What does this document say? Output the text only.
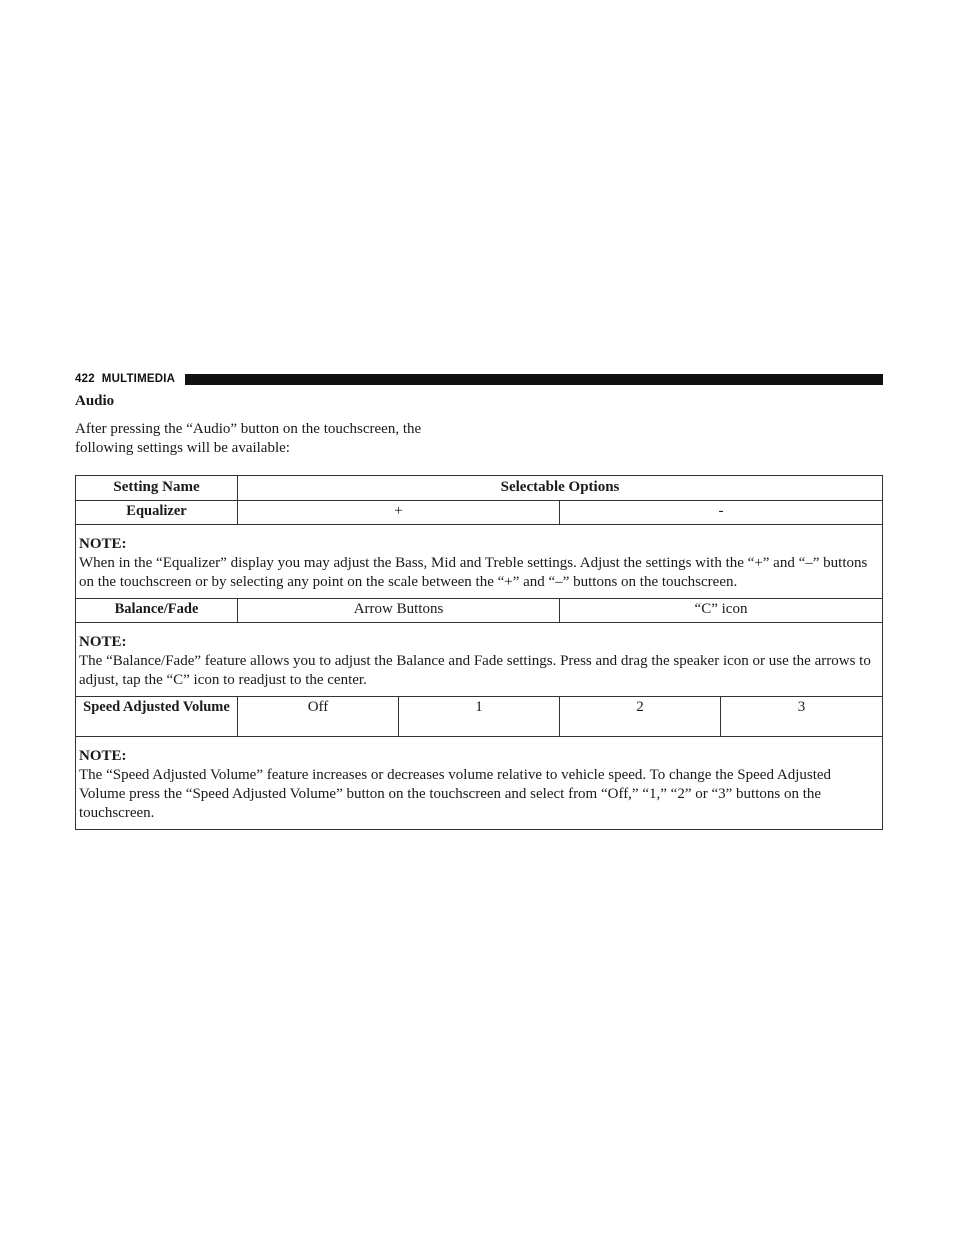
422 MULTIMEDIA
Audio

After pressing the “Audio” button on the touchscreen, the following settings will be available:

Setting Name	Selectable Options			
Equalizer	+		-	

NOTE:
When in the “Equalizer” display you may adjust the Bass, Mid and Treble settings. Adjust the settings with the “+” and “–” buttons on the touchscreen or by selecting any point on the scale between the “+” and “–” buttons on the touchscreen.				

Balance/Fade	Arrow Buttons		“C” icon	

NOTE:
The “Balance/Fade” feature allows you to adjust the Balance and Fade settings. Press and drag the speaker icon or use the arrows to adjust, tap the “C” icon to readjust to the center.				

Speed Adjusted Volume	Off	1	2	3

NOTE:
The “Speed Adjusted Volume” feature increases or decreases volume relative to vehicle speed. To change the Speed Adjusted Volume press the “Speed Adjusted Volume” button on the touchscreen and select from “Off,” “1,” “2” or “3” buttons on the touchscreen.				
